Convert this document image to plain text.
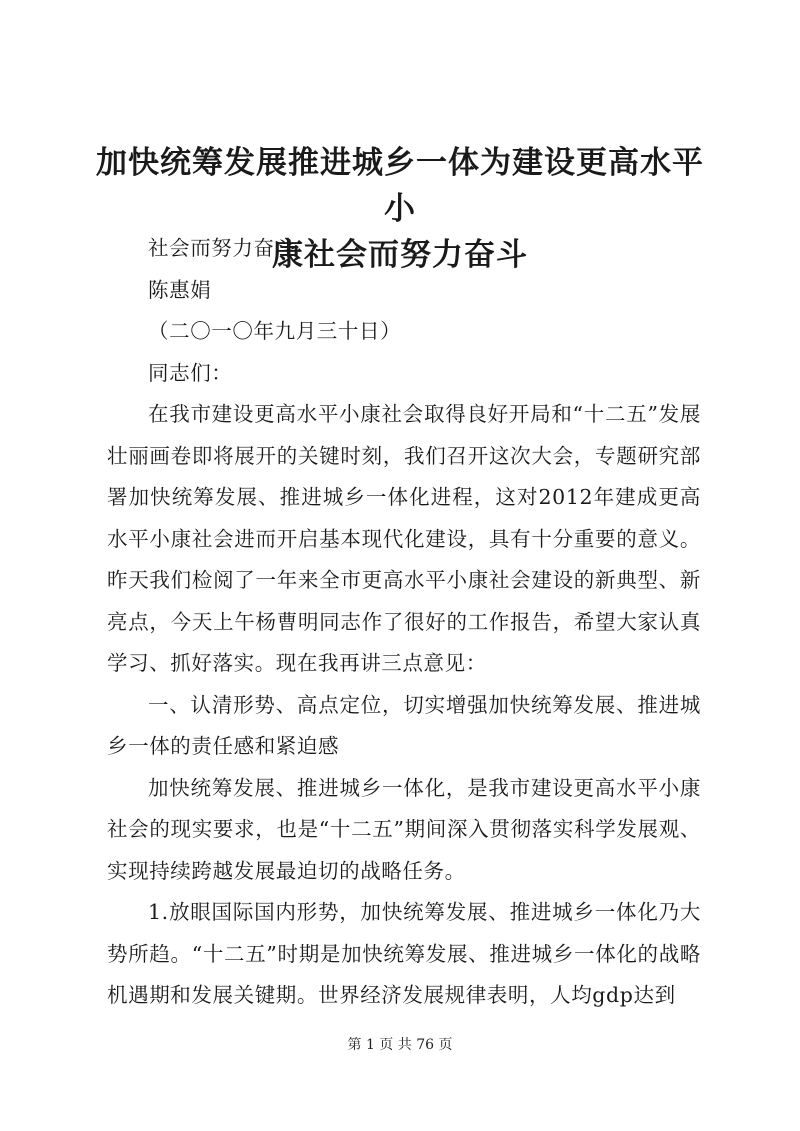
加快统筹发展推进城乡一体为建设更高水平小
康社会而努力奋斗

社会而努力奋斗

陈惠娟

（二〇一〇年九月三十日）

同志们：

在我市建设更高水平小康社会取得良好开局和“十二五”发展壮丽画卷即将展开的关键时刻，我们召开这次大会，专题研究部署加快统筹发展、推进城乡一体化进程，这对2012年建成更高水平小康社会进而开启基本现代化建设，具有十分重要的意义。昨天我们检阅了一年来全市更高水平小康社会建设的新典型、新亮点，今天上午杨曹明同志作了很好的工作报告，希望大家认真学习、抓好落实。现在我再讲三点意见：

一、认清形势、高点定位，切实增强加快统筹发展、推进城乡一体的责任感和紧迫感

加快统筹发展、推进城乡一体化，是我市建设更高水平小康社会的现实要求，也是“十二五”期间深入贯彻落实科学发展观、实现持续跨越发展最迫切的战略任务。

1.放眼国际国内形势，加快统筹发展、推进城乡一体化乃大势所趋。“十二五”时期是加快统筹发展、推进城乡一体化的战略机遇期和发展关键期。世界经济发展规律表明，人均gdp达到

第 1 页 共 76 页
